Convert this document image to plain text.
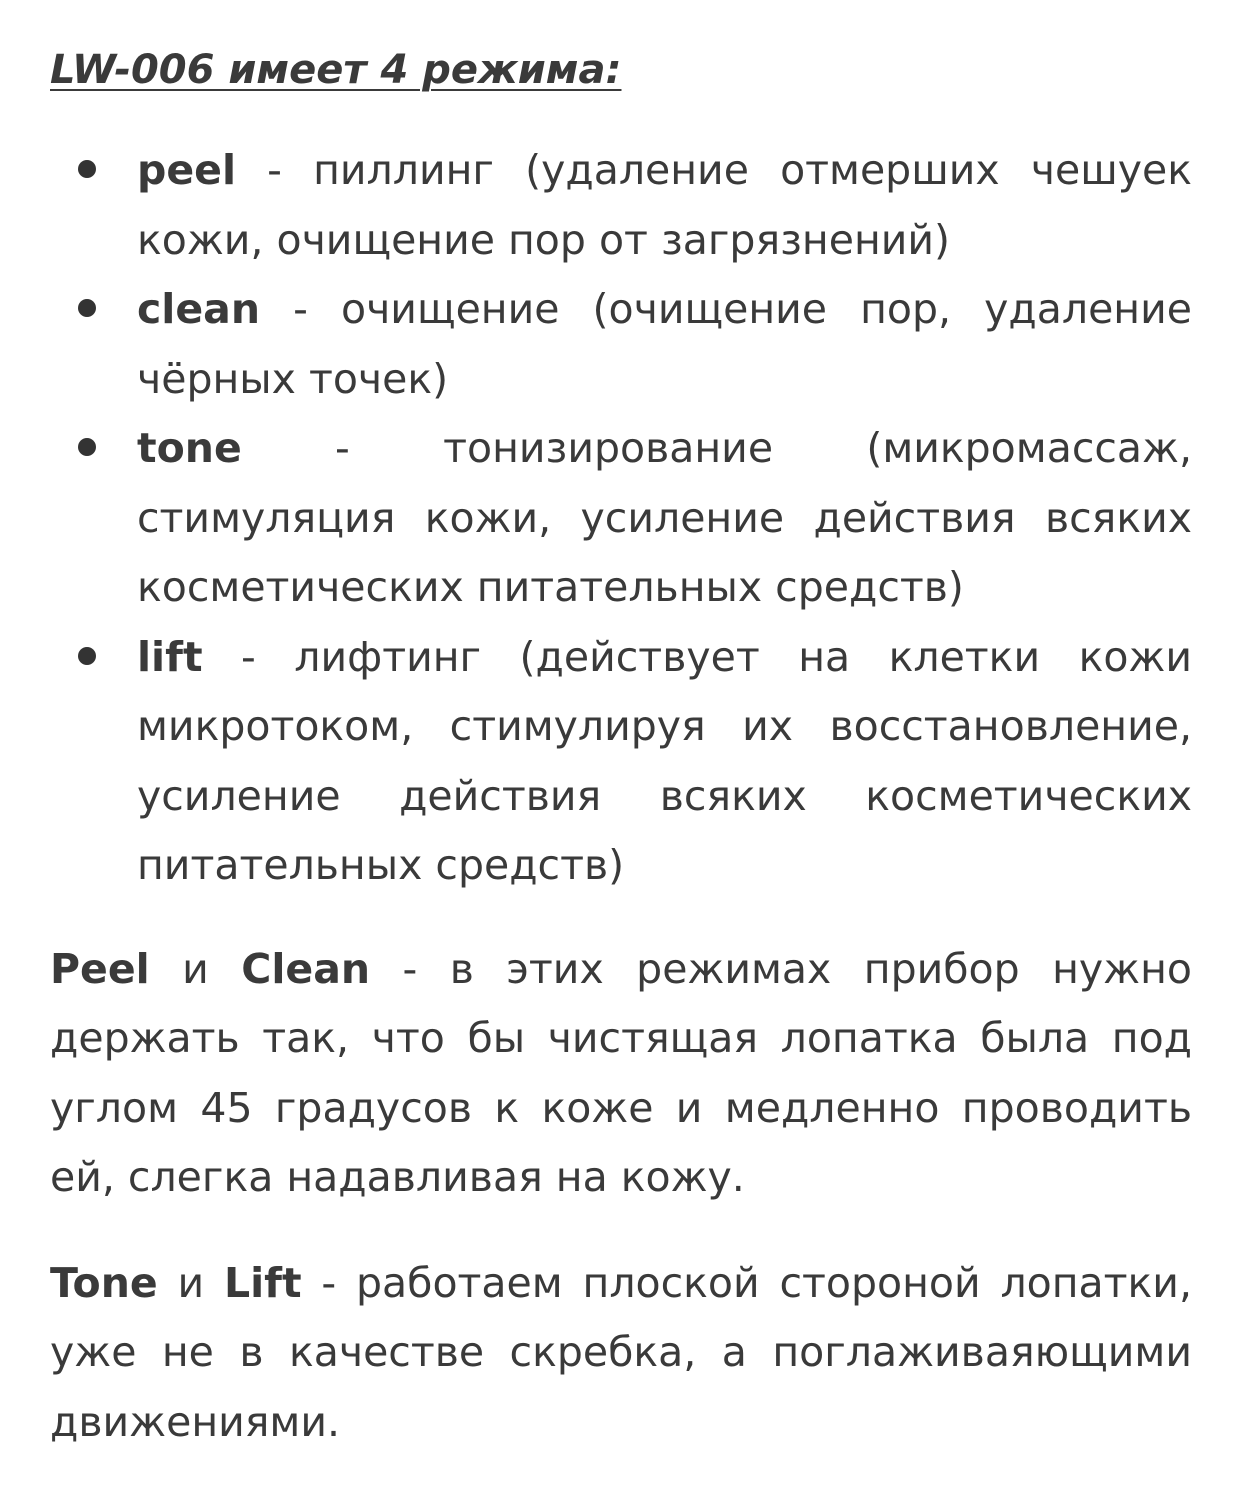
LW-006 имеет 4 режима:
peel - пиллинг (удаление отмерших чешуек кожи, очищение пор от загрязнений)
clean - очищение (очищение пор, удаление чёрных точек)
tone - тонизирование (микромассаж, стимуляция кожи, усиление действия всяких косметических питательных средств)
lift - лифтинг (действует на клетки кожи микротоком, стимулируя их восстановление, усиление действия всяких косметических питательных средств)

Peel и Clean - в этих режимах прибор нужно держать так, что бы чистящая лопатка была под углом 45 градусов к коже и медленно проводить ей, слегка надавливая на кожу.

Tone и Lift - работаем плоской стороной лопатки, уже не в качестве скребка, а поглаживаяющими движениями.
